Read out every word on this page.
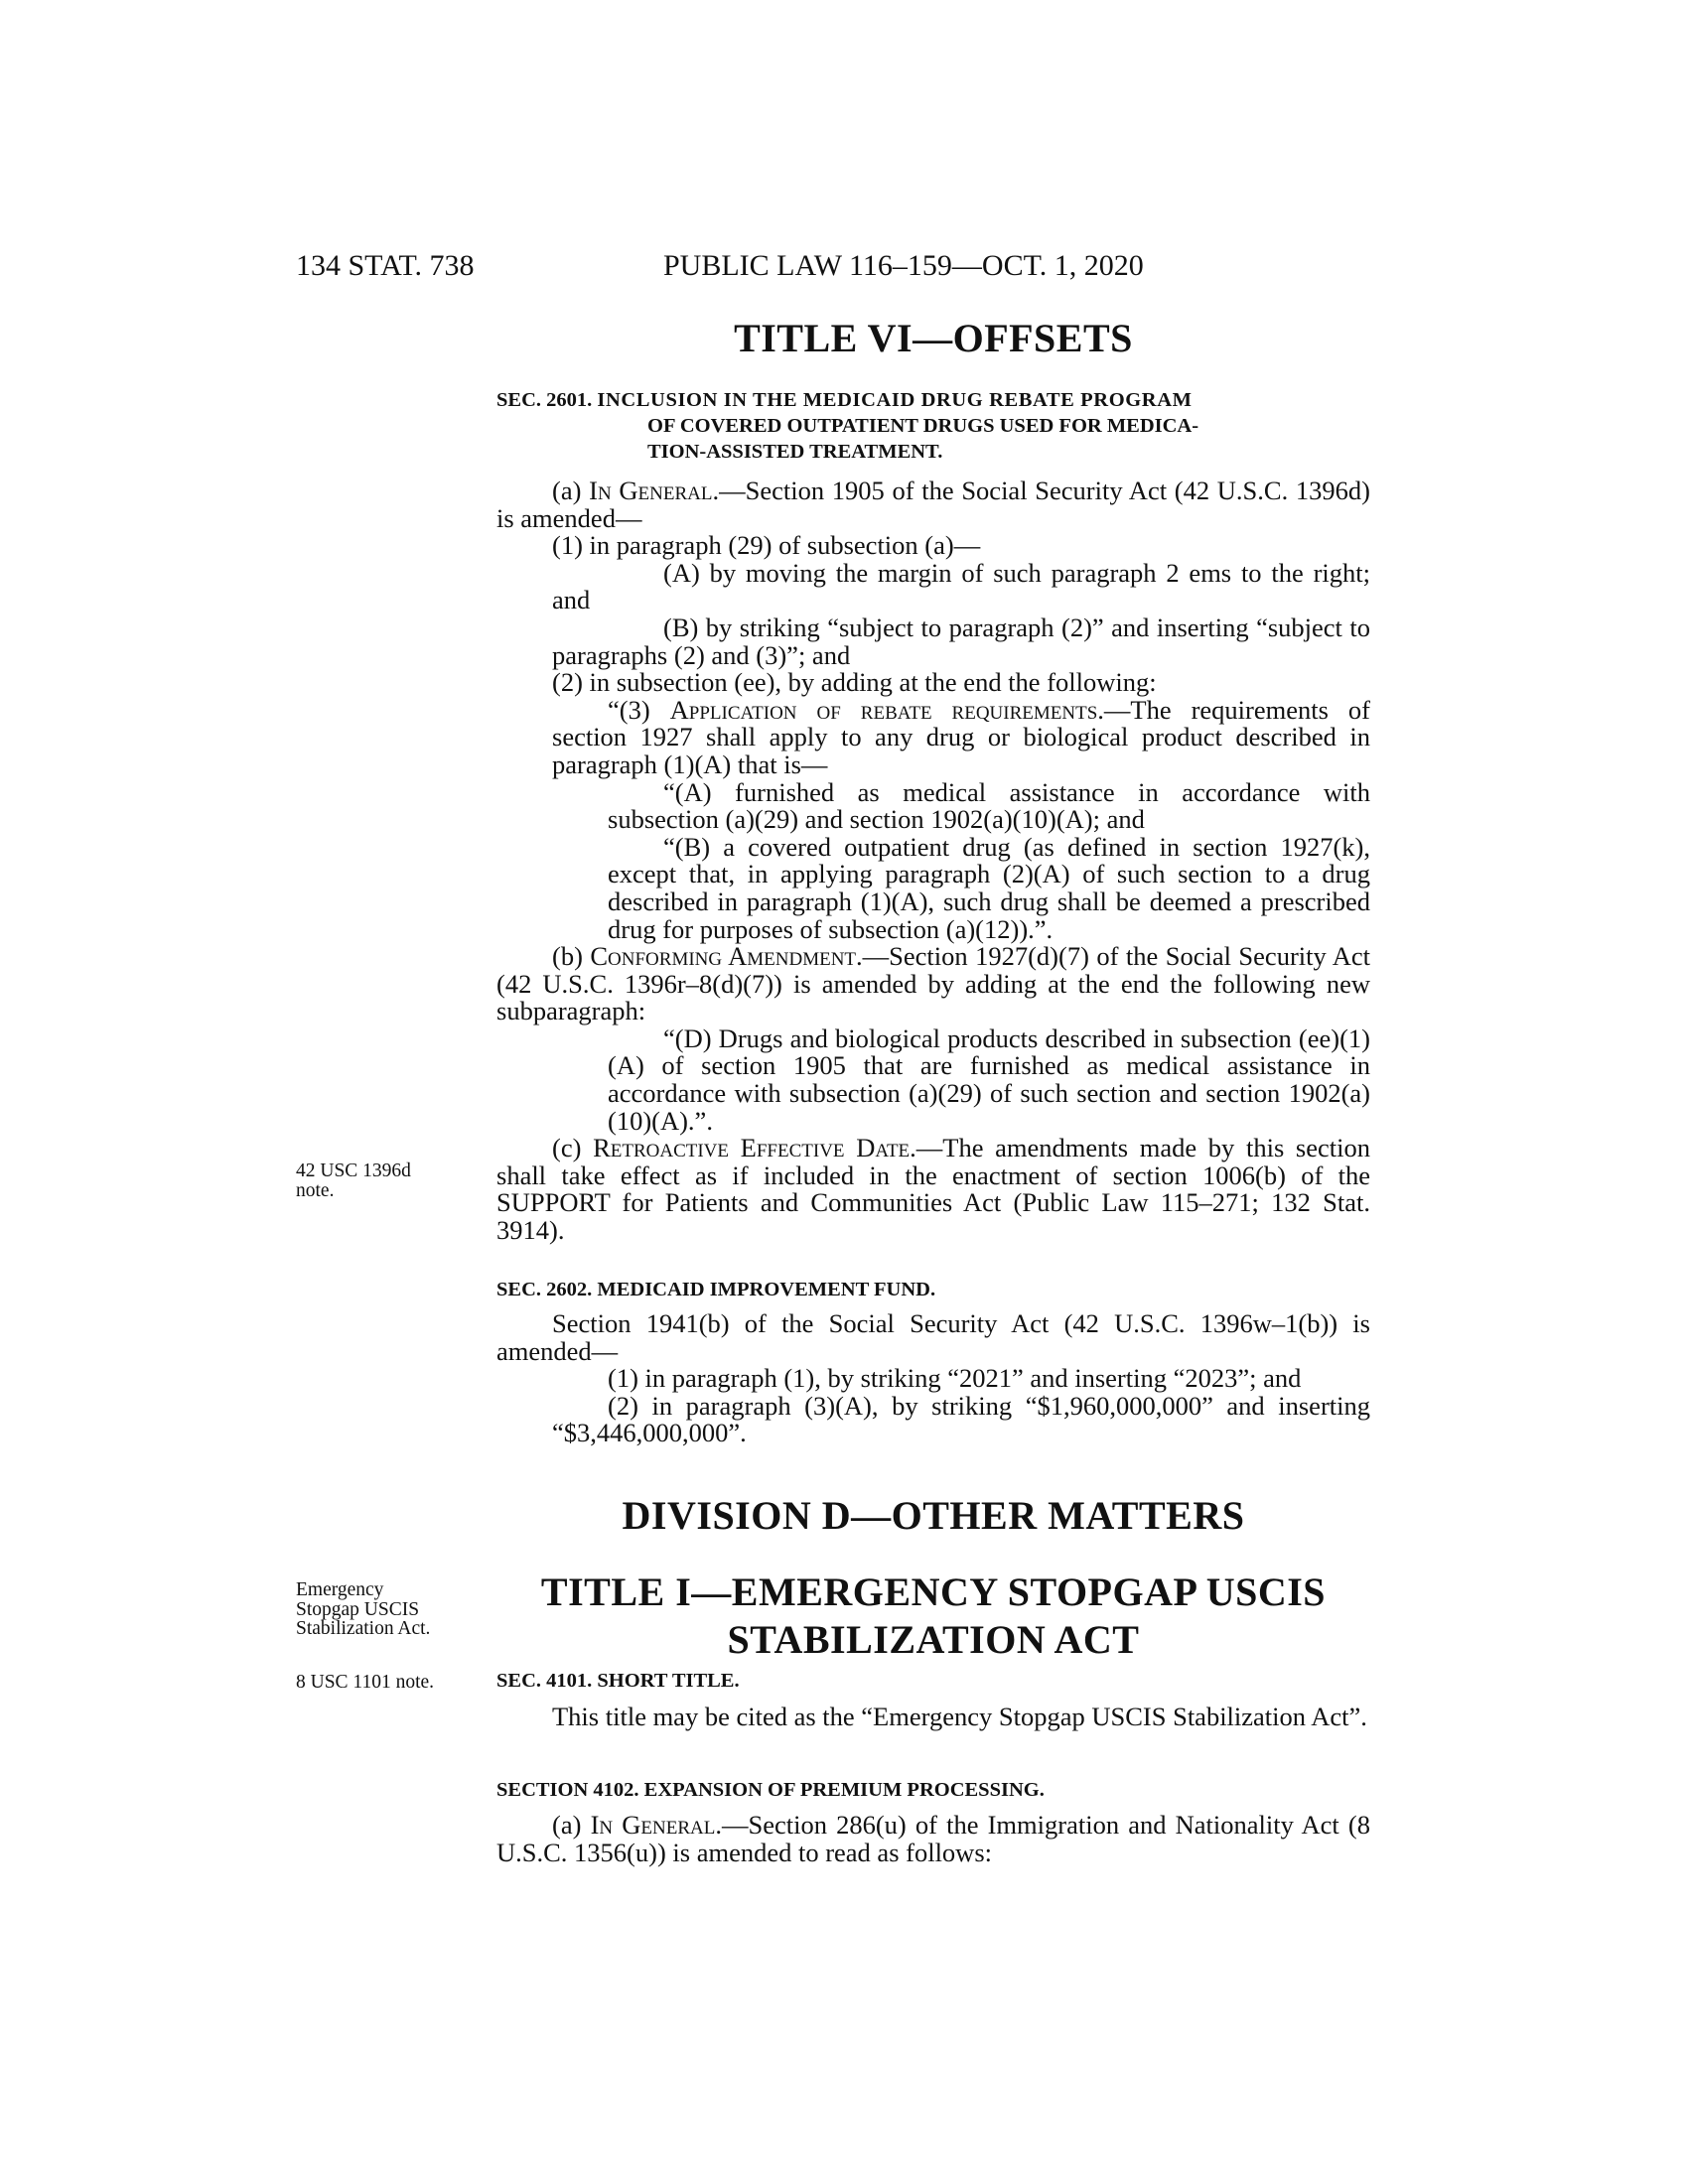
134 STAT. 738	PUBLIC LAW 116–159—OCT. 1, 2020
TITLE VI—OFFSETS
SEC. 2601. INCLUSION IN THE MEDICAID DRUG REBATE PROGRAM
OF COVERED OUTPATIENT DRUGS USED FOR MEDICA-
TION-ASSISTED TREATMENT.

(a) In General.—Section 1905 of the Social Security Act (42 U.S.C. 1396d) is amended—

(1) in paragraph (29) of subsection (a)—

(A) by moving the margin of such paragraph 2 ems to the right; and

(B) by striking “subject to paragraph (2)” and inserting “subject to paragraphs (2) and (3)”; and

(2) in subsection (ee), by adding at the end the following:

“(3) Application of rebate requirements.—The requirements of section 1927 shall apply to any drug or biological product described in paragraph (1)(A) that is—

“(A) furnished as medical assistance in accordance with subsection (a)(29) and section 1902(a)(10)(A); and

“(B) a covered outpatient drug (as defined in section 1927(k), except that, in applying paragraph (2)(A) of such section to a drug described in paragraph (1)(A), such drug shall be deemed a prescribed drug for purposes of subsection (a)(12)).”.

(b) Conforming Amendment.—Section 1927(d)(7) of the Social Security Act (42 U.S.C. 1396r–8(d)(7)) is amended by adding at the end the following new subparagraph:

“(D) Drugs and biological products described in subsection (ee)(1)(A) of section 1905 that are furnished as medical assistance in accordance with subsection (a)(29) of such section and section 1902(a)(10)(A).”.

(c) Retroactive Effective Date.—The amendments made by this section shall take effect as if included in the enactment of section 1006(b) of the SUPPORT for Patients and Communities Act (Public Law 115–271; 132 Stat. 3914).

42 USC 1396d
note.
SEC. 2602. MEDICAID IMPROVEMENT FUND.

Section 1941(b) of the Social Security Act (42 U.S.C. 1396w–1(b)) is amended—

(1) in paragraph (1), by striking “2021” and inserting “2023”; and

(2) in paragraph (3)(A), by striking “$1,960,000,000” and inserting “$3,446,000,000”.

DIVISION D—OTHER MATTERS
TITLE I—EMERGENCY STOPGAP USCIS
STABILIZATION ACT
Emergency
Stopgap USCIS
Stabilization Act.
8 USC 1101 note.	SEC. 4101. SHORT TITLE.

This title may be cited as the “Emergency Stopgap USCIS Stabilization Act”.

SECTION 4102. EXPANSION OF PREMIUM PROCESSING.

(a) In General.—Section 286(u) of the Immigration and Nationality Act (8 U.S.C. 1356(u)) is amended to read as follows:
